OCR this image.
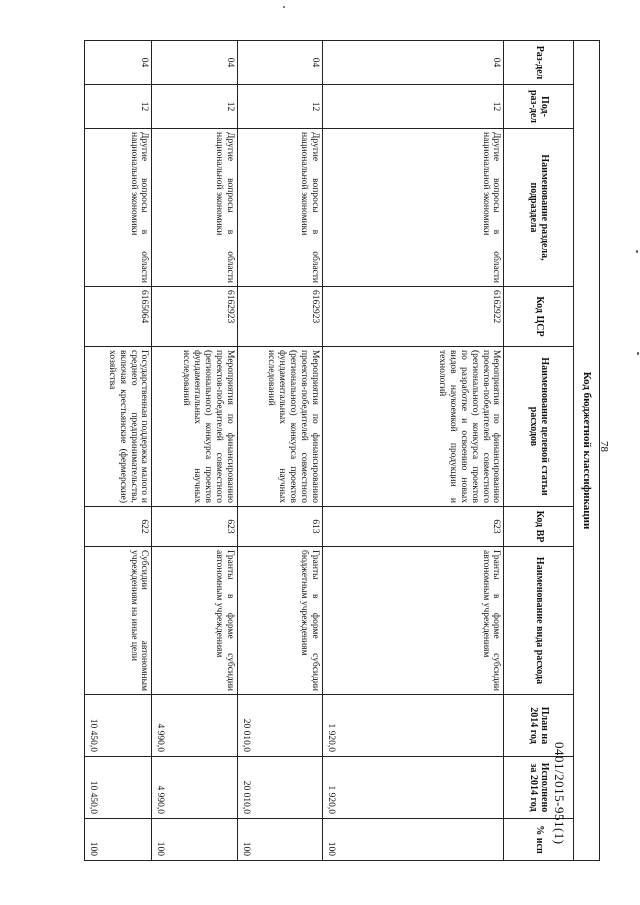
78
Код бюджетной классификации									
Раз-дел	Под-раз-дел	Наименование раздела, подраздела	Код ЦСР	Наименование целевой статьи расходов	Код ВР	Наименование вида расхода	План на 2014 год	Исполнено за 2014 год	% исп
04	12	Другие вопросы в области национальной экономики	6162922	Мероприятия по финансированию проектов-победителей совместного (регионального) конкурса проектов по разработке и освоению новых видов наукоемкой продукции и технологий	623	Гранты в форме субсидии автономным учреждениям	1 920,0	1 920,0	100
04	12	Другие вопросы в области национальной экономики	6162923	Мероприятия по финансированию проектов-победителей совместного (регионального) конкурса проектов фундаментальных научных исследований	613	Гранты в форме субсидии бюджетным учреждениям	20 010,0	20 010,0	100
04	12	Другие вопросы в области национальной экономики	6162923	Мероприятия по финансированию проектов-победителей совместного (регионального) конкурса проектов фундаментальных научных исследований	623	Гранты в форме субсидии автономным учреждениям	4 990,0	4 990,0	100
04	12	Другие вопросы в области национальной экономики	6165064	Государственная поддержка малого и среднего предпринимательства, включая крестьянские (фермерские) хозяйства	622	Субсидии автономным учреждениям на иные цели	10 450,0	10 450,0	100
0401/2015-951(1)
